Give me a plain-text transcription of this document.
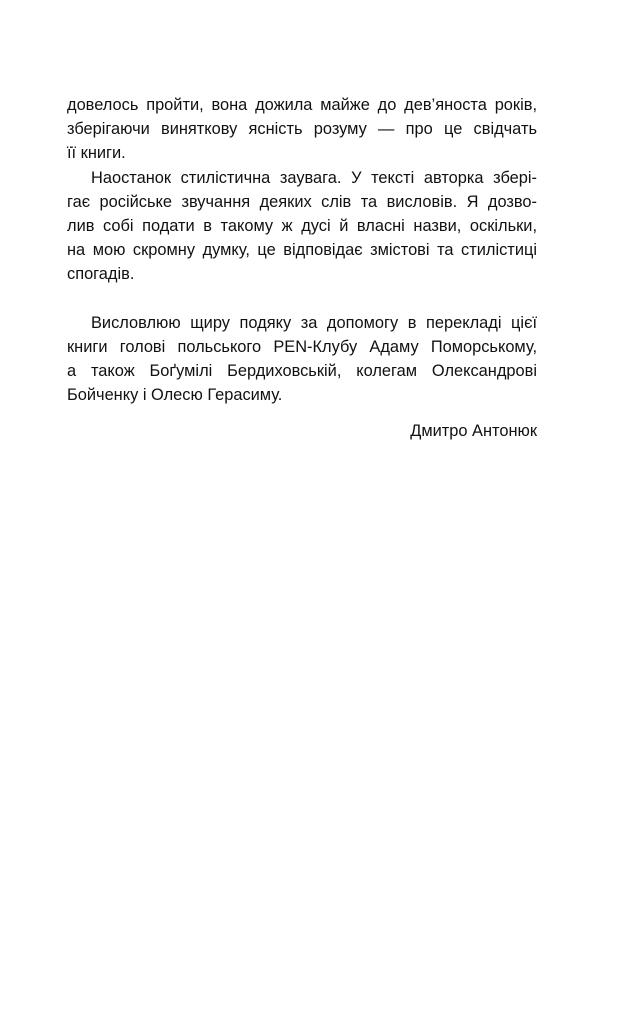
довелось пройти, вона дожила майже до дев’яноста років,
зберігаючи виняткову ясність розуму — про це свідчать
її книги.
Наостанок стилістична заувага. У тексті авторка збері-
гає російське звучання деяких слів та висловів. Я дозво-
лив собі подати в такому ж дусі й власні назви, оскільки,
на мою скромну думку, це відповідає змістові та стилістиці
спогадів.
Висловлюю щиру подяку за допомогу в перекладі цієї
книги голові польського PEN-Клубу Адаму Поморському,
а також Боґумілі Бердиховській, колегам Олександрові
Бойченку і Олесю Герасиму.
Дмитро Антонюк
